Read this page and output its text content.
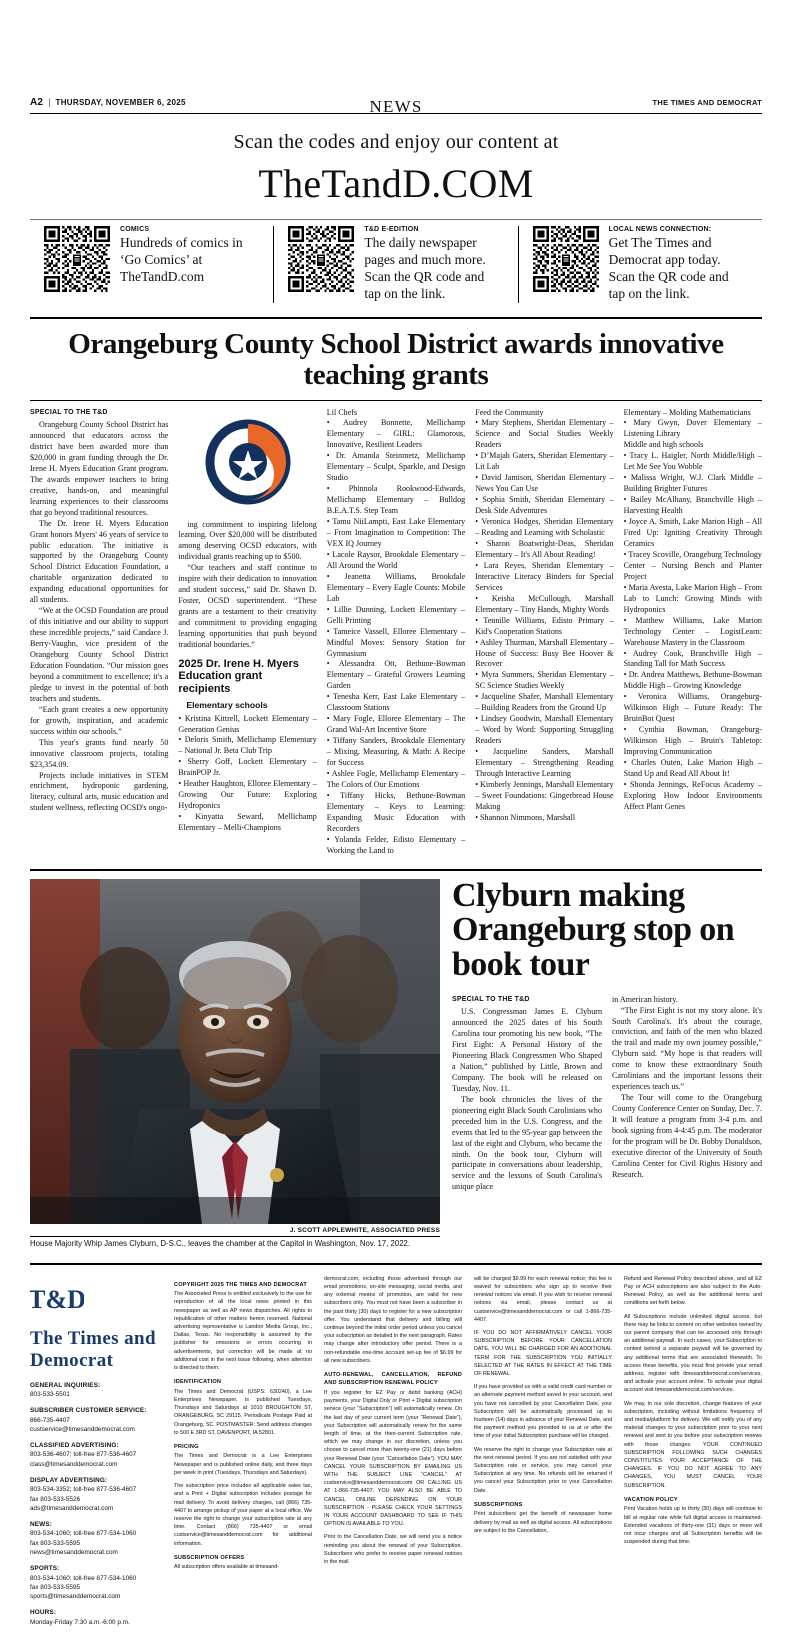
A2 | THURSDAY, NOVEMBER 6, 2025	NEWS	THE TIMES AND DEMOCRAT
Scan the codes and enjoy our content at
TheTandD.COM
COMICS
Hundreds of comics in ‘Go Comics’ at TheTandD.com
T&D E-EDITION
The daily newspaper pages and much more. Scan the QR code and tap on the link.
LOCAL NEWS CONNECTION:
Get The Times and Democrat app today. Scan the QR code and tap on the link.
Orangeburg County School District awards innovative teaching grants
SPECIAL TO THE T&D

Orangeburg County School District has announced that educators across the district have been awarded more than $20,000 in grant funding through the Dr. Irene H. Myers Education Grant program. The awards empower teachers to bring creative, hands-on, and meaningful learning experiences to their classrooms that go beyond traditional resources.

The Dr. Irene H. Myers Education Grant honors Myers' 46 years of service to public education. The initiative is supported by the Orangeburg County School District Education Foundation, a charitable organization dedicated to expanding educational opportunities for all students.

“We at the OCSD Foundation are proud of this initiative and our ability to support these incredible projects,” said Candace J. Berry-Vaughn, vice president of the Orangeburg County School District Education Foundation. “Our mission goes beyond a commitment to excellence; it's a pledge to invest in the potential of both teachers and students.

“Each grant creates a new opportunity for growth, inspiration, and academic success within our schools.”

This year's grants fund nearly 50 innovative classroom projects, totaling $23,354.09.

Projects include initiatives in STEM enrichment, hydroponic gardening, literacy, cultural arts, music education and student wellness, reflecting OCSD's ongo-

ing commitment to inspiring lifelong learning. Over $20,000 will be distributed among deserving OCSD educators, with individual grants reaching up to $500.

“Our teachers and staff continue to inspire with their dedication to innovation and student success,” said Dr. Shawn D. Foster, OCSD superintendent. “These grants are a testament to their creativity and commitment to providing engaging learning opportunities that push beyond traditional boundaries.”

2025 Dr. Irene H. Myers Education grant recipients
Elementary schools

• Kristina Kittrell, Lockett Elementary – Generation Genius

• Deloris Smith, Mellichamp Elementary – National Jr. Beta Club Trip

• Sherry Goff, Lockett Elementary – BrainPOP Jr.

• Heather Haughton, Elloree Elementary – Growing Our Future: Exploring Hydroponics

• Kinyatta Seward, Mellichamp Elementary – Melli-Champions

Lil Chefs

• Audrey Bonnette, Mellichamp Elementary – GIRL: Glamorous, Innovative, Resilient Leaders

• Dr. Amanda Steinmetz, Mellichamp Elementary – Sculpt, Sparkle, and Design Studio

• Phinnola Rookwood-Edwards, Mellichamp Elementary – Bulldog B.E.A.T.S. Step Team

• Tamu NiiLampti, East Lake Elementary – From Imagination to Competition: The VEX IQ Journey

• Lacole Raysor, Brookdale Elementary – All Around the World

• Jeanetta Williams, Brookdale Elementary – Every Eagle Counts: Mobile Lab

• Lillie Dunning, Lockett Elementary – Gelli Printing

• Tameice Vassell, Elloree Elementary – Mindful Moves: Sensory Station for Gymnasium

• Alessandra Ott, Bethune-Bowman Elementary – Grateful Growers Learning Garden

• Tenesha Kerr, East Lake Elementary – Classroom Stations

• Mary Fogle, Elloree Elementary – The Grand Wal-Art Incentive Store

• Tiffany Sanders, Brookdale Elementary – Mixing, Measuring, & Math: A Recipe for Success

• Ashlee Fogle, Mellichamp Elementary – The Colors of Our Emotions

• Tiffany Hicks, Bethune-Bowman Elementary – Keys to Learning: Expanding Music Education with Recorders

• Yolanda Felder, Edisto Elementary – Working the Land to

Feed the Community

• Mary Stephens, Sheridan Elementary – Science and Social Studies Weekly Readers

• D’Majah Gaters, Sheridan Elementary – Lit Lab

• David Jamison, Sheridan Elementary – News You Can Use

• Sophia Smith, Sheridan Elementary – Desk Side Adventures

• Veronica Hodges, Sheridan Elementary – Reading and Learning with Scholastic

• Sharon Boatwright-Deas, Sheridan Elementary – It's All About Reading!

• Lara Reyes, Sheridan Elementary – Interactive Literacy Binders for Special Services

• Keisha McCullough, Marshall Elementary – Tiny Hands, Mighty Words

• Tennille Williams, Edisto Primary – Kid's Cooperation Stations

• Ashley Thurman, Marshall Elementary – House of Success: Busy Bee Hoover & Recover

• Myra Summers, Sheridan Elementary – SC Science Studies Weekly

• Jacqueline Shafer, Marshall Elementary – Building Readers from the Ground Up

• Lindsey Goodwin, Marshall Elementary – Word by Word: Supporting Struggling Readers

• Jacqueline Sanders, Marshall Elementary – Strengthening Reading Through Interactive Learning

• Kimberly Jennings, Marshall Elementary – Sweet Foundations: Gingerbread House Making

• Shannon Nimmons, Marshall

Elementary – Molding Mathematicians

• Mary Gwyn, Dover Elementary – Listening Library

Middle and high schools

• Tracy L. Haigler, North Middle/High – Let Me See You Wobble

• Malissa Wright, W.J. Clark Middle – Building Brighter Futures

• Bailey McAlhany, Branchville High – Harvesting Health

• Joyce A. Smith, Lake Marion High – All Fired Up: Igniting Creativity Through Ceramics

• Tracey Scoville, Orangeburg Technology Center – Nursing Bench and Planter Project

• Maria Avesta, Lake Marion High – From Lab to Lunch: Growing Minds with Hydroponics

• Matthew Williams, Lake Marion Technology Center – LogistLearn: Warehouse Mastery in the Classroom

• Audrey Cook, Branchville High – Standing Tall for Math Success

• Dr. Andrea Matthews, Bethune-Bowman Middle High – Growing Knowledge

• Veronica Williams, Orangeburg-Wilkinson High – Future Ready: The BruinBot Quest

• Cynthia Bowman, Orangeburg-Wilkinson High – Bruin's Tabletop: Improving Communication

• Charles Outen, Lake Marion High – Stand Up and Read All About It!

• Shonda Jennings, ReFocus Academy – Exploring How Indoor Environments Affect Plant Genes

J. SCOTT APPLEWHITE, ASSOCIATED PRESS
House Majority Whip James Clyburn, D-S.C., leaves the chamber at the Capitol in Washington, Nov. 17, 2022.
Clyburn making Orangeburg stop on book tour
SPECIAL TO THE T&D

U.S. Congressman James E. Clyburn announced the 2025 dates of his South Carolina tour promoting his new book, “The First Eight: A Personal History of the Pioneering Black Congressmen Who Shaped a Nation,” published by Little, Brown and Company. The book will be released on Tuesday, Nov. 11.

The book chronicles the lives of the pioneering eight Black South Carolinians who preceded him in the U.S. Congress, and the events that led to the 95-year gap between the last of the eight and Clyburn, who became the ninth. On the book tour, Clyburn will participate in conversations about leadership, service and the lessons of South Carolina's unique place

in American history.

“The First Eight is not my story alone. It's South Carolina's. It's about the courage, conviction, and faith of the men who blazed the trail and made my own journey possible,” Clyburn said. “My hope is that readers will come to know these extraordinary South Carolinians and the important lessons their experiences teach us.”

The Tour will come to the Orangeburg County Conference Center on Sunday, Dec. 7. It will feature a program from 3-4 p.m. and book signing from 4-4:45 p.m. The moderator for the program will be Dr. Bobby Donaldson, executive director of the University of South Carolina Center for Civil Rights History and Research.

T&D
The Times and Democrat
GENERAL INQUIRIES:
803-533-5501
SUBSCRIBER CUSTOMER SERVICE:
866-735-4407
custservice@timesanddemocrat.com
CLASSIFIED ADVERTISING:
803-536-4607; toll-free 877-536-4607
class@timesanddemocrat.com
DISPLAY ADVERTISING:
803-534-3352; toll-free 877-536-4607
fax 803-533-5526
ads@timesanddemocrat.com
NEWS:
803-534-1060; toll-free 877-534-1060
fax 803-533-5595
news@timesanddemocrat.com
SPORTS:
803-534-1060; toll-free 877-534-1060
fax 803-533-5595
sports@timesanddemocrat.com
HOURS:
Monday-Friday 7:30 a.m.-6:00 p.m.
COPYRIGHT 2025 THE TIMES AND DEMOCRAT

The Associated Press is entitled exclusively to the use for reproduction of all the local news printed in this newspaper as well as AP news dispatches. All rights to republication of other matters herein reserved. National advertising representative is Landon Media Group, Inc., Dallas, Texas. No responsibility is assumed by the publisher for omissions or errors occurring in advertisements, but correction will be made at no additional cost in the next issue following, when attention is directed to them.

IDENTIFICATION

The Times and Democrat (USPS: 630240), a Lee Enterprises Newspaper, is published Tuesdays, Thursdays and Saturdays at 1010 BROUGHTON ST, ORANGEBURG, SC 29115. Periodicals Postage Paid at Orangeburg, SC. POSTMASTER: Send address changes to 500 E 3RD ST, DAVENPORT, IA 52801.

PRICING

The Times and Democrat is a Lee Enterprises Newspaper and is published online daily, and three days per week in print (Tuesdays, Thursdays and Saturdays).

The subscription price includes all applicable sales tax, and a Print + Digital subscription includes postage for mail delivery. To avoid delivery charges, call (866) 735-4407 to arrange pickup of your paper at a local office. We reserve the right to change your subscription rate at any time. Contact (866) 735-4407 or email custservice@timesanddemocrat.com for additional information.

SUBSCRIPTION OFFERS

All subscription offers available at timesand-

democrat.com, including those advertised through our email promotions, on-site messaging, social media, and any external means of promotion, are valid for new subscribers only. You must not have been a subscriber in the past thirty (30) days to register for a new subscription offer. You understand that delivery and billing will continue beyond the initial order period unless you cancel your subscription as detailed in the next paragraph. Rates may change after introductory offer period. There is a non-refundable one-time account set-up fee of $6.99 for all new subscribers.

AUTO-RENEWAL, CANCELLATION, REFUND AND SUBSCRIPTION RENEWAL POLICY

If you register for EZ Pay or debit banking (ACH) payments, your Digital Only or Print + Digital subscription service (your “Subscription”) will automatically renew. On the last day of your current term (your “Renewal Date”), your Subscription will automatically renew for the same length of time, at the then-current Subscription rate, which we may change in our discretion, unless you choose to cancel more than twenty-one (21) days before your Renewal Date (your “Cancellation Date”). YOU MAY CANCEL YOUR SUBSCRIPTION BY EMAILING US WITH THE SUBJECT LINE “CANCEL” AT custservice@timesanddemocrat.com OR CALLING US AT 1-866-735-4407. YOU MAY ALSO BE ABLE TO CANCEL ONLINE DEPENDING ON YOUR SUBSCRIPTION - PLEASE CHECK YOUR SETTINGS IN YOUR ACCOUNT DASHBOARD TO SEE IF THIS OPTION IS AVAILABLE TO YOU.

Prior to the Cancellation Date, we will send you a notice reminding you about the renewal of your Subscription. Subscribers who prefer to receive paper renewal notices in the mail

will be charged $9.99 for each renewal notice; this fee is waived for subscribers who sign up to receive their renewal notices via email. If you wish to receive renewal notices via email, please contact us at custservice@timesanddemocrat.com or call 1-866-735-4407.

IF YOU DO NOT AFFIRMATIVELY CANCEL YOUR SUBSCRIPTION BEFORE YOUR CANCELLATION DATE, YOU WILL BE CHARGED FOR AN ADDITIONAL TERM FOR THE SUBSCRIPTION YOU INITIALLY SELECTED AT THE RATES IN EFFECT AT THE TIME OF RENEWAL.

If you have provided us with a valid credit card number or an alternate payment method saved in your account, and you have not cancelled by your Cancellation Date, your Subscription will be automatically processed up to fourteen (14) days in advance of your Renewal Date, and the payment method you provided to us at or after the time of your initial Subscription purchase will be charged.

We reserve the right to change your Subscription rate at the next renewal period. If you are not satisfied with your Subscription rate or service, you may cancel your Subscription at any time. No refunds will be returned if you cancel your Subscription prior to your Cancellation Date.

SUBSCRIPTIONS

Print subscribers get the benefit of newspaper home delivery by mail as well as digital access. All subscriptions are subject to the Cancellation,

Refund and Renewal Policy described above, and all EZ Pay or ACH subscriptions are also subject to the Auto-Renewal Policy, as well as the additional terms and conditions set forth below.

All Subscriptions include unlimited digital access, but there may be links to content on other websites owned by our parent company that can be accessed only through an additional paywall. In such cases, your Subscription to content behind a separate paywall will be governed by any additional terms that are associated therewith. To access these benefits, you must first provide your email address, register with timesanddemocrat.com/services, and activate your account online. To activate your digital account visit timesanddemocrat.com/services.

We may, in our sole discretion, change features of your subscription, including without limitations frequency of and media/platform for delivery. We will notify you of any material changes to your subscription prior to your next renewal and sent to you before your subscription renews with those changes. YOUR CONTINUED SUBSCRIPTION FOLLOWING SUCH CHANGES CONSTITUTES YOUR ACCEPTANCE OF THE CHANGES. IF YOU DO NOT AGREE TO ANY CHANGES, YOU MUST CANCEL YOUR SUBSCRIPTION.

VACATION POLICY

Print Vacation holds up to thirty (30) days will continue to bill at regular rate while full digital access is maintained. Extended vacations of thirty-one (31) days or more will not incur charges and all Subscription benefits will be suspended during that time.
